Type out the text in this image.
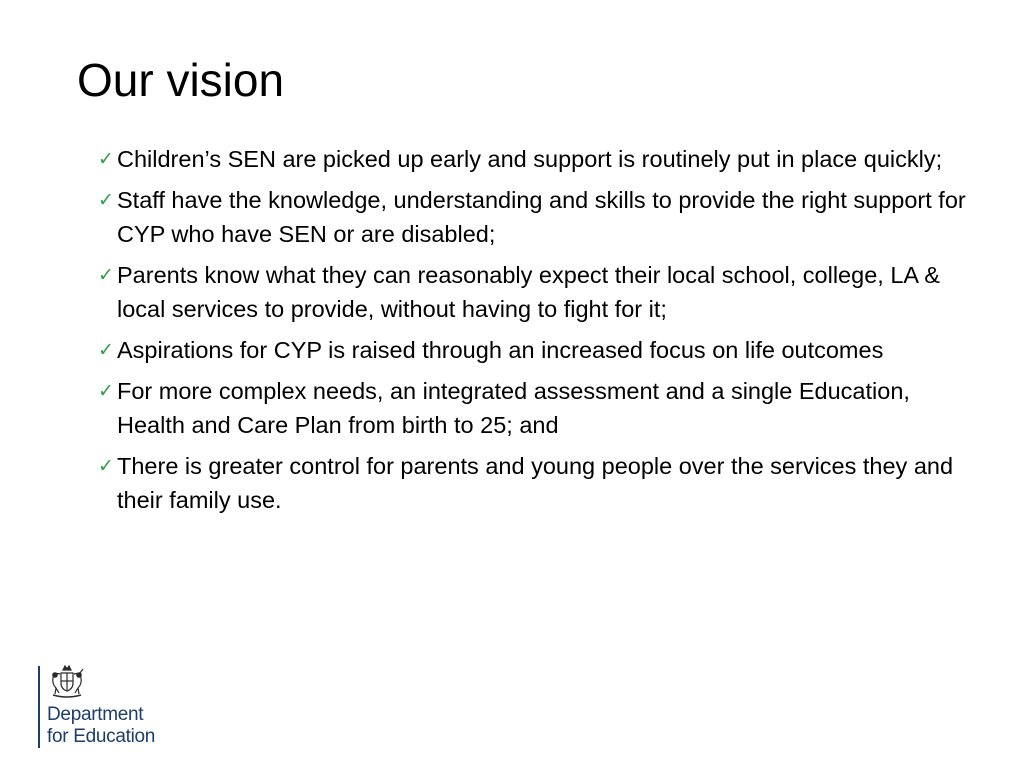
Our vision
✓ Children’s SEN are picked up early and support is routinely put in place quickly;
✓ Staff have the knowledge, understanding and skills to provide the right support for CYP who have SEN or are disabled;
✓ Parents know what they can reasonably expect their local school, college, LA & local services to provide, without having to fight for it;
✓ Aspirations for CYP is raised through an increased focus on life outcomes
✓ For more complex needs, an integrated assessment and a single Education, Health and Care Plan from birth to 25; and
✓ There is greater control for parents and young people over the services they and their family use.
Department
for Education
